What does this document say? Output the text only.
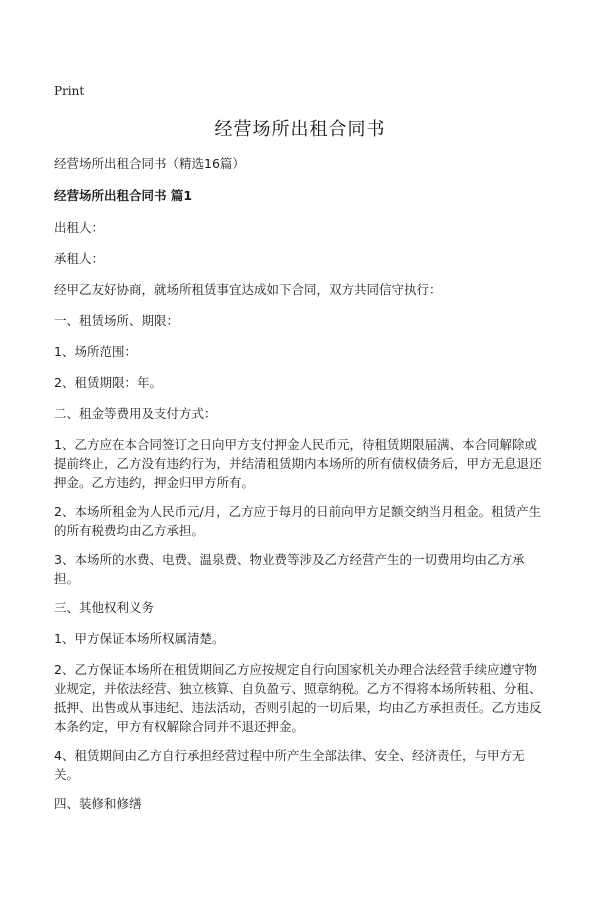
Print
经营场所出租合同书

经营场所出租合同书（精选16篇）

经营场所出租合同书 篇1

出租人：

承租人：

经甲乙友好协商，就场所租赁事宜达成如下合同，双方共同信守执行：

一、租赁场所、期限：

1、场所范围：

2、租赁期限：年。

二、租金等费用及支付方式：

1、乙方应在本合同签订之日向甲方支付押金人民币元，待租赁期限届满、本合同解除或提前终止，乙方没有违约行为，并结清租赁期内本场所的所有债权债务后，甲方无息退还押金。乙方违约，押金归甲方所有。

2、本场所租金为人民币元/月，乙方应于每月的日前向甲方足额交纳当月租金。租赁产生的所有税费均由乙方承担。

3、本场所的水费、电费、温泉费、物业费等涉及乙方经营产生的一切费用均由乙方承担。

三、其他权利义务

1、甲方保证本场所权属清楚。

2、乙方保证本场所在租赁期间乙方应按规定自行向国家机关办理合法经营手续应遵守物业规定，并依法经营、独立核算、自负盈亏、照章纳税。乙方不得将本场所转租、分租、抵押、出售或从事违纪、违法活动，否则引起的一切后果，均由乙方承担责任。乙方违反本条约定，甲方有权解除合同并不退还押金。

4、租赁期间由乙方自行承担经营过程中所产生全部法律、安全、经济责任，与甲方无关。

四、装修和修缮
